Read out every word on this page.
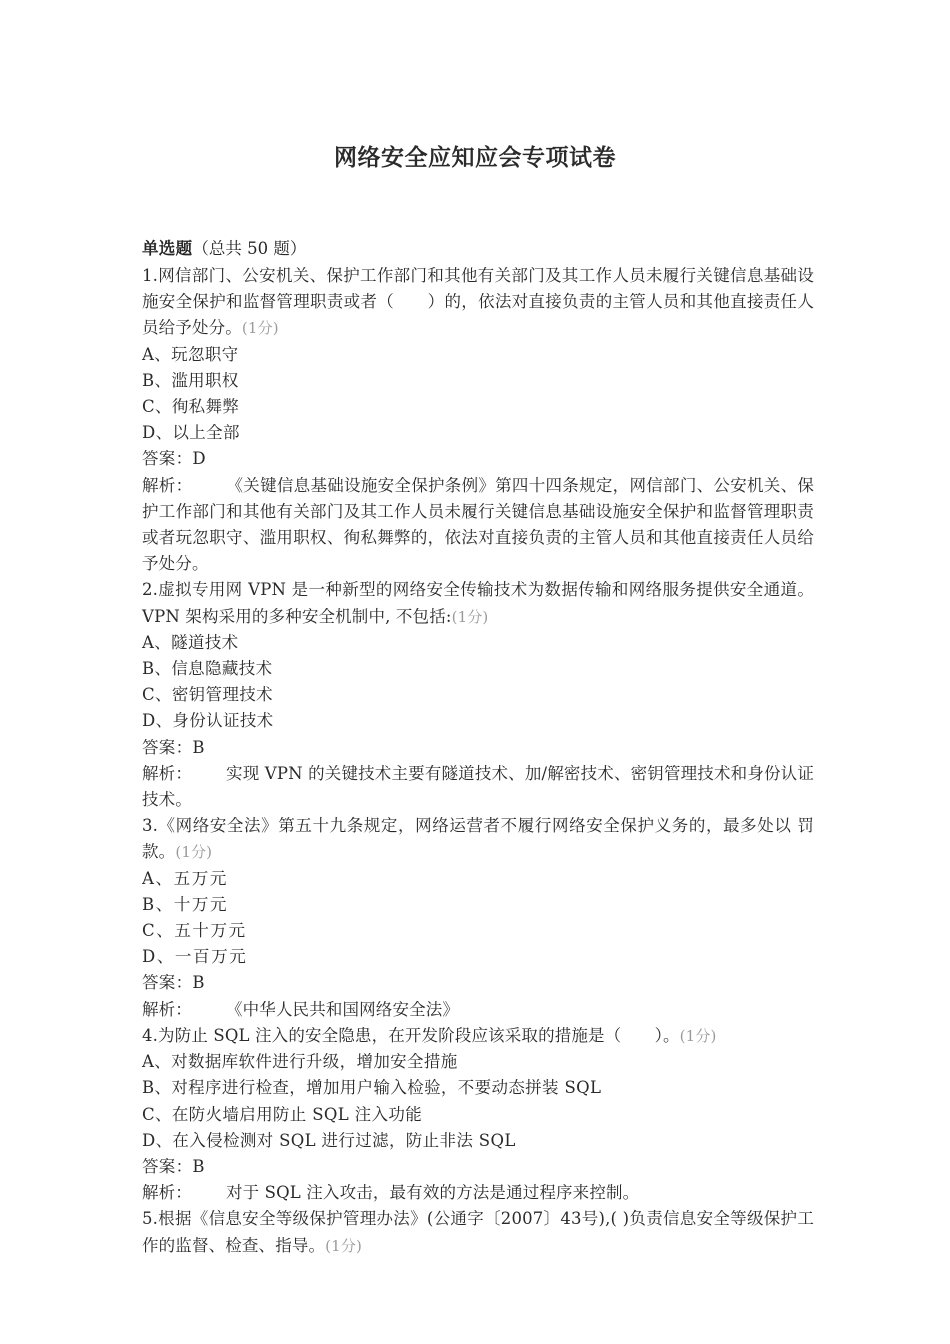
网络安全应知应会专项试卷
单选题（总共 50 题）
1.网信部门、公安机关、保护工作部门和其他有关部门及其工作人员未履行关键信息基础设施安全保护和监督管理职责或者（　　）的，依法对直接负责的主管人员和其他直接责任人员给予处分。(1分)
A、玩忽职守
B、滥用职权
C、徇私舞弊
D、以上全部
答案：D
解析： 《关键信息基础设施安全保护条例》第四十四条规定，网信部门、公安机关、保护工作部门和其他有关部门及其工作人员未履行关键信息基础设施安全保护和监督管理职责或者玩忽职守、滥用职权、徇私舞弊的，依法对直接负责的主管人员和其他直接责任人员给予处分。
2.虚拟专用网 VPN 是一种新型的网络安全传输技术为数据传输和网络服务提供安全通道。VPN 架构采用的多种安全机制中, 不包括:(1分)
A、隧道技术
B、信息隐藏技术
C、密钥管理技术
D、身份认证技术
答案：B
解析： 实现 VPN 的关键技术主要有隧道技术、加/解密技术、密钥管理技术和身份认证技术。
3.《网络安全法》第五十九条规定，网络运营者不履行网络安全保护义务的，最多处以 罚款。(1分)
A、五万元
B、十万元
C、五十万元
D、一百万元
答案：B
解析： 《中华人民共和国网络安全法》
4.为防止 SQL 注入的安全隐患，在开发阶段应该采取的措施是（　　）。(1分)
A、对数据库软件进行升级，增加安全措施
B、对程序进行检查，增加用户输入检验，不要动态拼装 SQL
C、在防火墙启用防止 SQL 注入功能
D、在入侵检测对 SQL 进行过滤，防止非法 SQL
答案：B
解析： 对于 SQL 注入攻击，最有效的方法是通过程序来控制。
5.根据《信息安全等级保护管理办法》(公通字〔2007〕43号),( )负责信息安全等级保护工作的监督、检查、指导。(1分)
